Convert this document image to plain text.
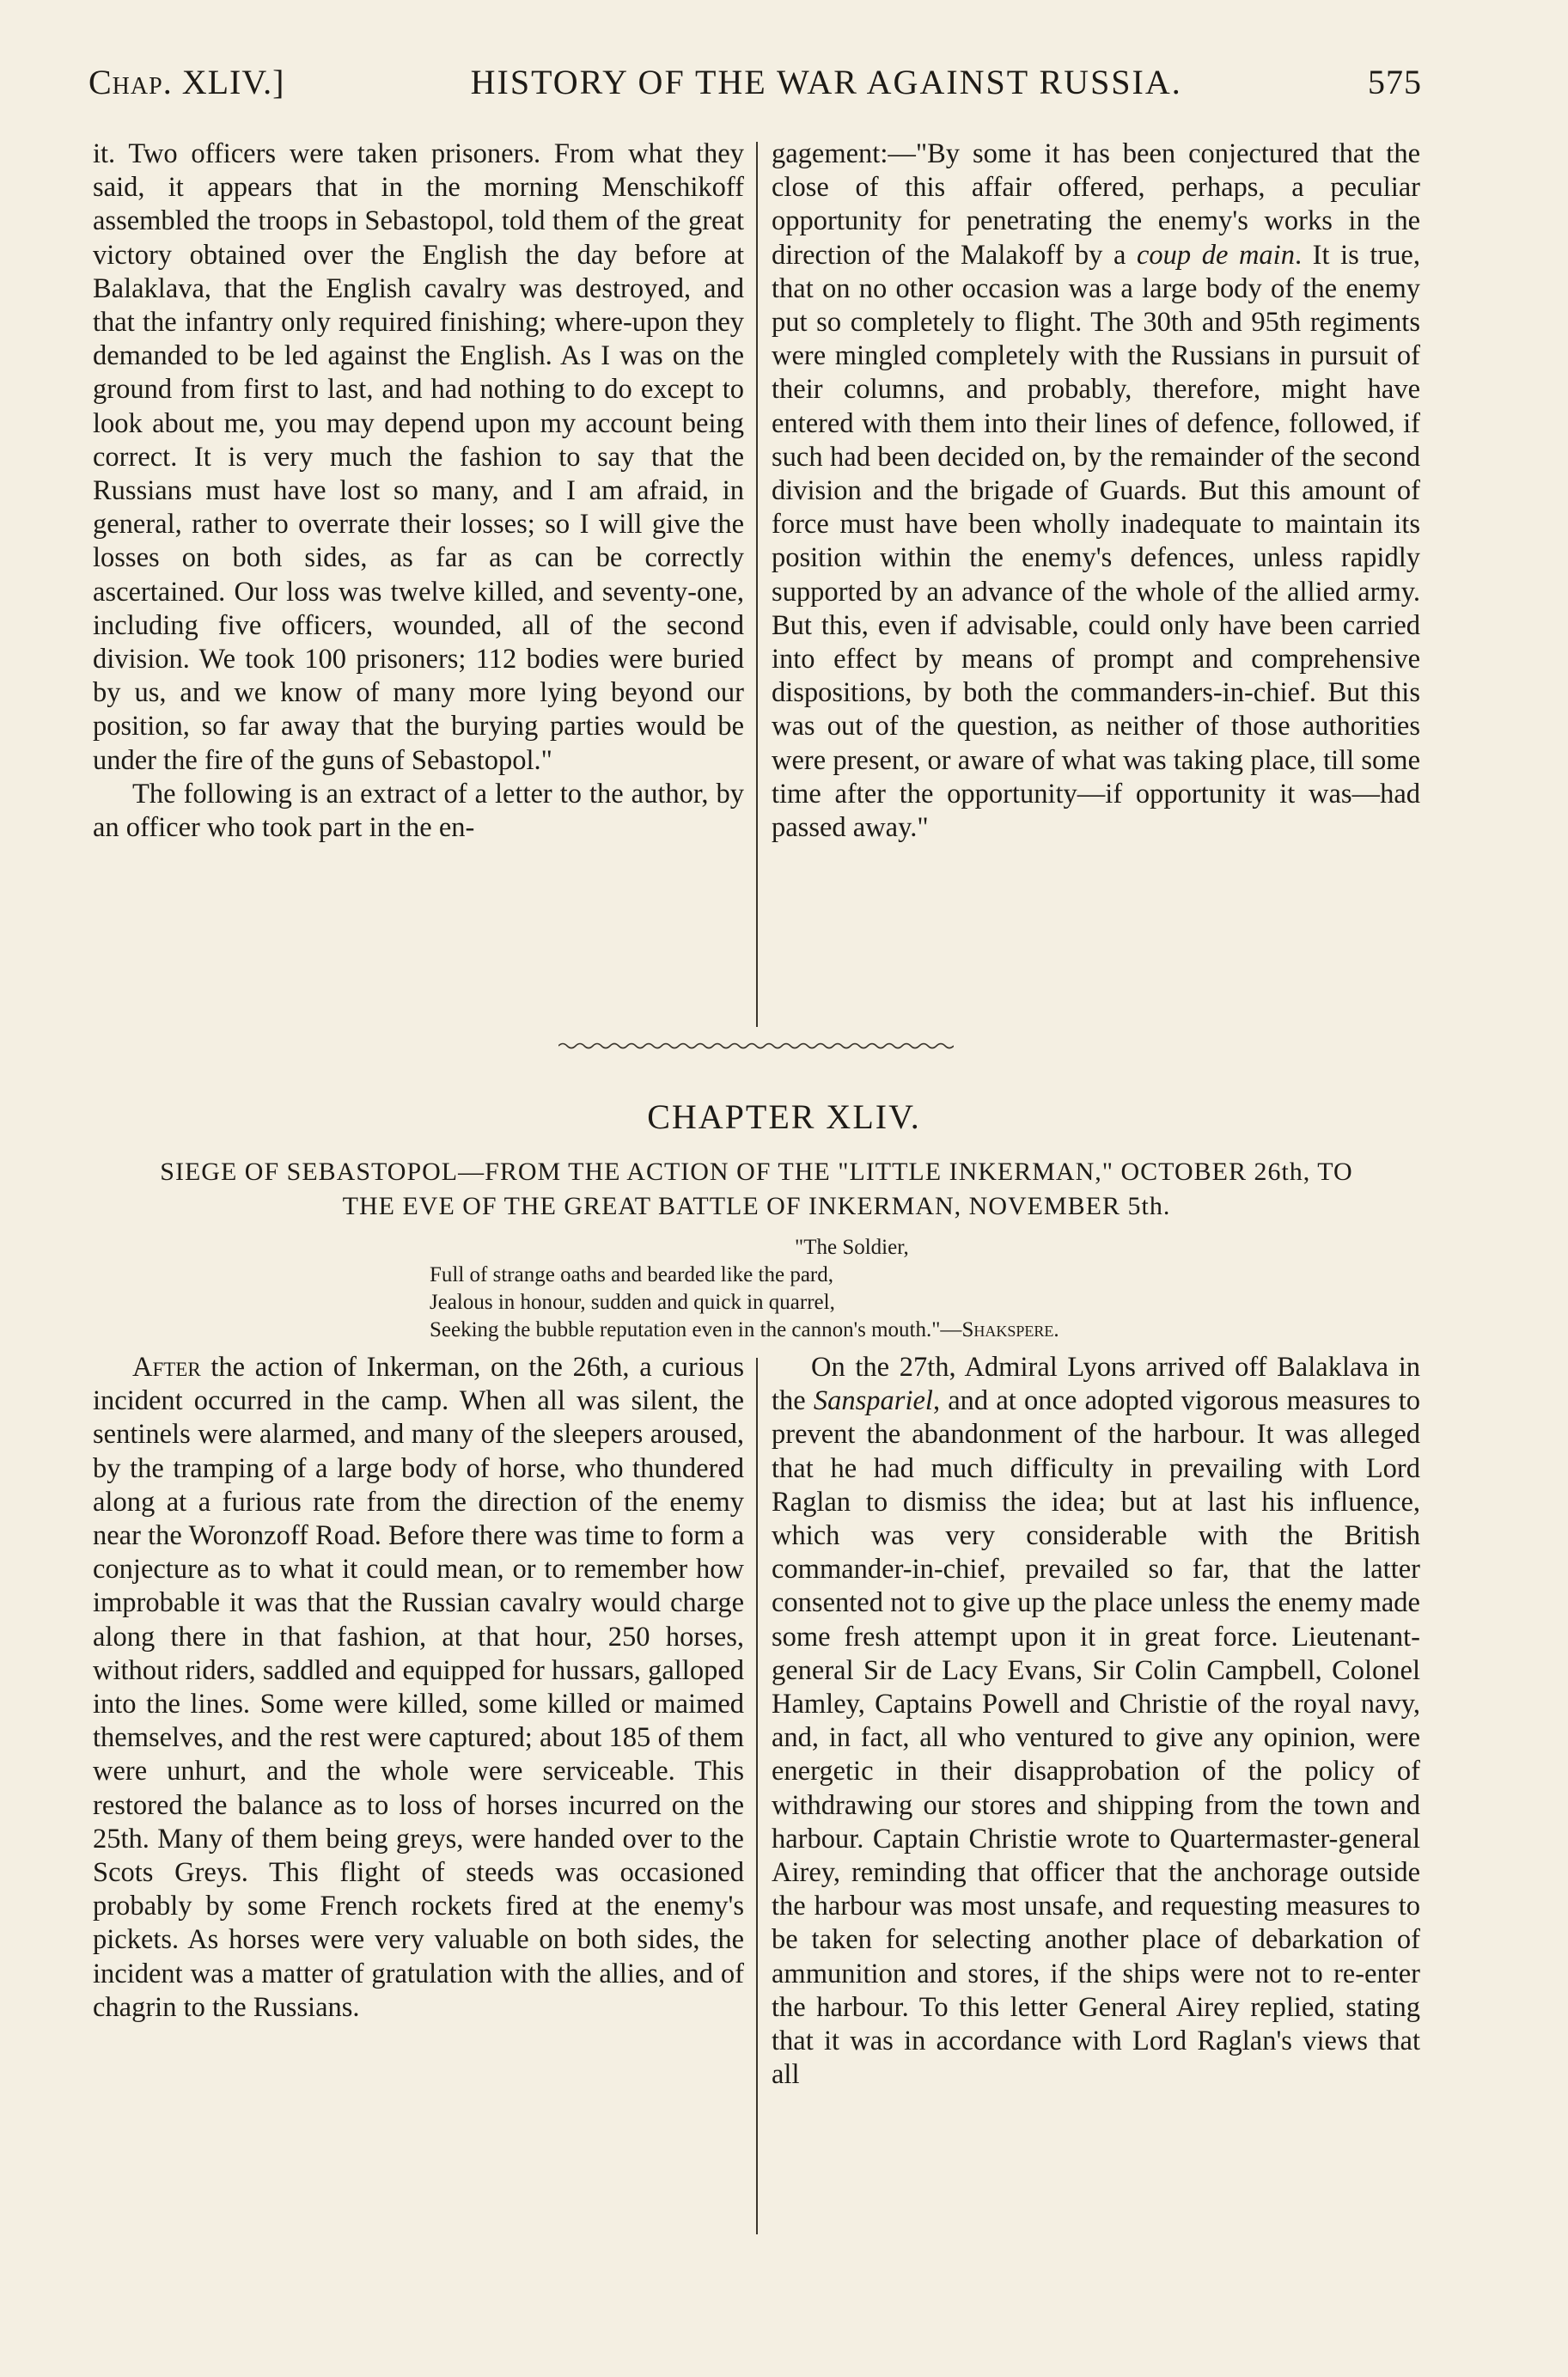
Chap. XLIV.]	HISTORY OF THE WAR AGAINST RUSSIA.	575

it. Two officers were taken prisoners. From what they said, it appears that in the morning Menschikoff assembled the troops in Sebastopol, told them of the great victory obtained over the English the day before at Balaklava, that the English cavalry was destroyed, and that the infantry only required finishing; where-upon they demanded to be led against the English. As I was on the ground from first to last, and had nothing to do except to look about me, you may depend upon my account being correct. It is very much the fashion to say that the Russians must have lost so many, and I am afraid, in general, rather to overrate their losses; so I will give the losses on both sides, as far as can be correctly ascertained. Our loss was twelve killed, and seventy-one, including five officers, wounded, all of the second division. We took 100 prisoners; 112 bodies were buried by us, and we know of many more lying beyond our position, so far away that the burying parties would be under the fire of the guns of Sebastopol."

The following is an extract of a letter to the author, by an officer who took part in the en-

gagement:—"By some it has been conjectured that the close of this affair offered, perhaps, a peculiar opportunity for penetrating the enemy's works in the direction of the Malakoff by a coup de main. It is true, that on no other occasion was a large body of the enemy put so completely to flight. The 30th and 95th regiments were mingled completely with the Russians in pursuit of their columns, and probably, therefore, might have entered with them into their lines of defence, followed, if such had been decided on, by the remainder of the second division and the brigade of Guards. But this amount of force must have been wholly inadequate to maintain its position within the enemy's defences, unless rapidly supported by an advance of the whole of the allied army. But this, even if advisable, could only have been carried into effect by means of prompt and comprehensive dispositions, by both the commanders-in-chief. But this was out of the question, as neither of those authorities were present, or aware of what was taking place, till some time after the opportunity—if opportunity it was—had passed away."

CHAPTER XLIV.
SIEGE OF SEBASTOPOL—FROM THE ACTION OF THE "LITTLE INKERMAN," OCTOBER 26th, TO
THE EVE OF THE GREAT BATTLE OF INKERMAN, NOVEMBER 5th.
"The Soldier,
Full of strange oaths and bearded like the pard,
Jealous in honour, sudden and quick in quarrel,
Seeking the bubble reputation even in the cannon's mouth."—Shakspere.

After the action of Inkerman, on the 26th, a curious incident occurred in the camp. When all was silent, the sentinels were alarmed, and many of the sleepers aroused, by the tramping of a large body of horse, who thundered along at a furious rate from the direction of the enemy near the Woronzoff Road. Before there was time to form a conjecture as to what it could mean, or to remember how improbable it was that the Russian cavalry would charge along there in that fashion, at that hour, 250 horses, without riders, saddled and equipped for hussars, galloped into the lines. Some were killed, some killed or maimed themselves, and the rest were captured; about 185 of them were unhurt, and the whole were serviceable. This restored the balance as to loss of horses incurred on the 25th. Many of them being greys, were handed over to the Scots Greys. This flight of steeds was occasioned probably by some French rockets fired at the enemy's pickets. As horses were very valuable on both sides, the incident was a matter of gratulation with the allies, and of chagrin to the Russians.

On the 27th, Admiral Lyons arrived off Balaklava in the Sanspariel, and at once adopted vigorous measures to prevent the abandonment of the harbour. It was alleged that he had much difficulty in prevailing with Lord Raglan to dismiss the idea; but at last his influence, which was very considerable with the British commander-in-chief, prevailed so far, that the latter consented not to give up the place unless the enemy made some fresh attempt upon it in great force. Lieutenant-general Sir de Lacy Evans, Sir Colin Campbell, Colonel Hamley, Captains Powell and Christie of the royal navy, and, in fact, all who ventured to give any opinion, were energetic in their disapprobation of the policy of withdrawing our stores and shipping from the town and harbour. Captain Christie wrote to Quartermaster-general Airey, reminding that officer that the anchorage outside the harbour was most unsafe, and requesting measures to be taken for selecting another place of debarkation of ammunition and stores, if the ships were not to re-enter the harbour. To this letter General Airey replied, stating that it was in accordance with Lord Raglan's views that all
